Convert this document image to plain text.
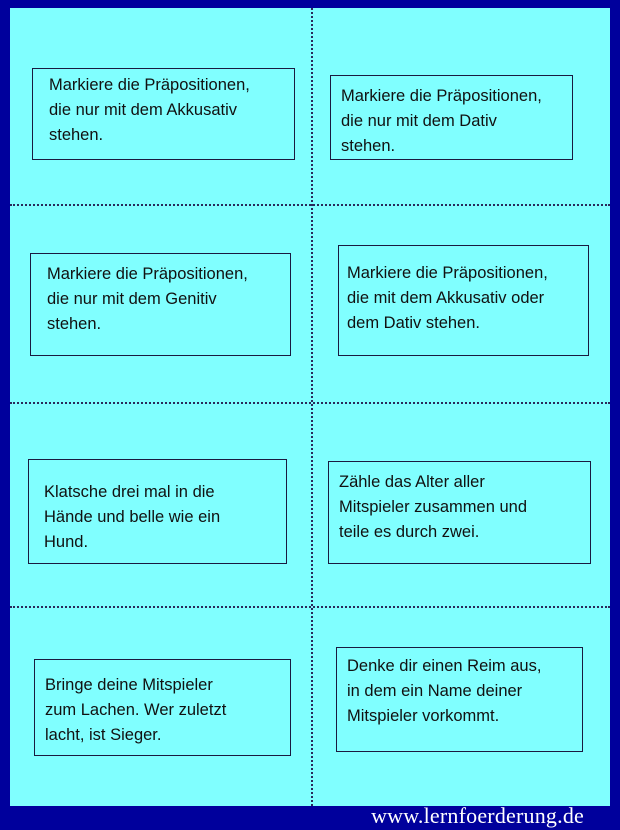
Markiere die Präpositionen,
die nur mit dem Akkusativ
stehen.
Markiere die Präpositionen,
die nur mit dem Dativ
stehen.
Markiere die Präpositionen,
die nur mit dem Genitiv
stehen.
Markiere die Präpositionen,
die mit dem Akkusativ oder
dem Dativ stehen.
Klatsche drei mal in die
Hände und belle wie ein
Hund.
Zähle das Alter aller
Mitspieler zusammen und
teile es durch zwei.
Bringe deine Mitspieler
zum Lachen. Wer zuletzt
lacht, ist Sieger.
Denke dir einen Reim aus,
in dem ein Name deiner
Mitspieler vorkommt.
www.lernfoerderung.de
